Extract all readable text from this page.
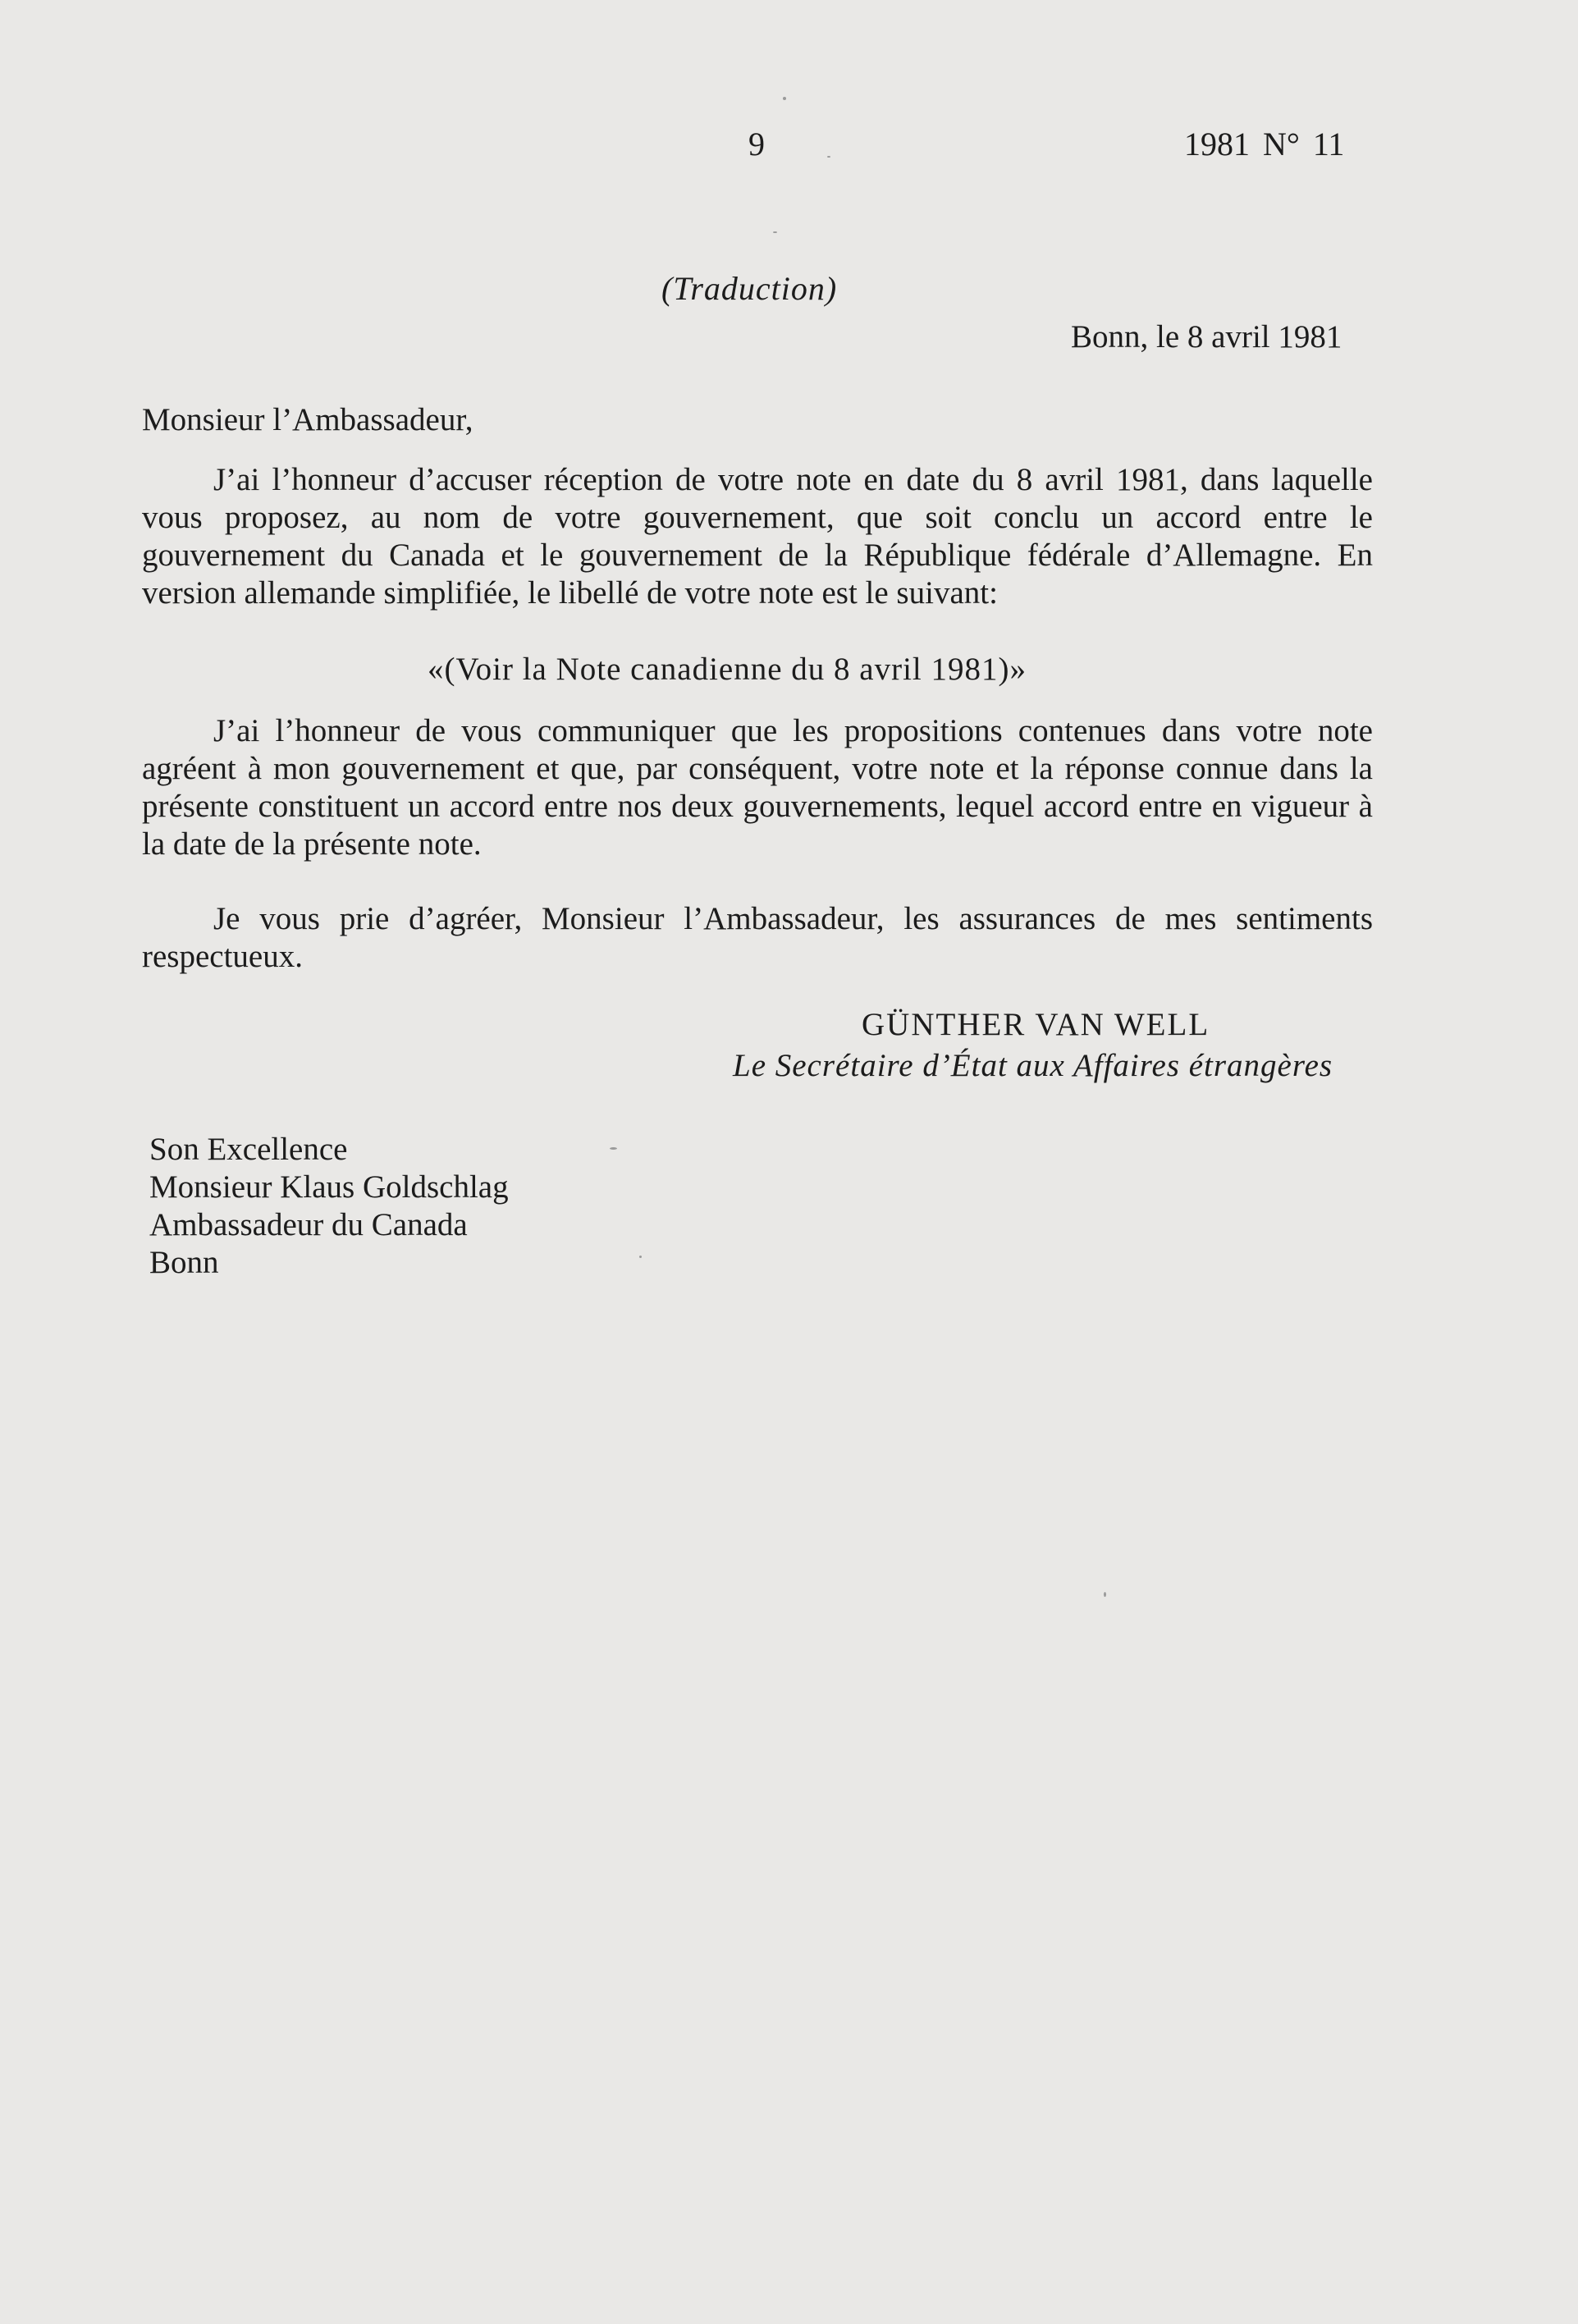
9	1981 N° 11
(Traduction)
Bonn, le 8 avril 1981
Monsieur l’Ambassadeur,
J’ai l’honneur d’accuser réception de votre note en date du 8 avril 1981, dans laquelle vous proposez, au nom de votre gouvernement, que soit conclu un accord entre le gouvernement du Canada et le gouvernement de la République fédérale d’Allemagne. En version allemande simplifiée, le libellé de votre note est le suivant:
«(Voir la Note canadienne du 8 avril 1981)»
J’ai l’honneur de vous communiquer que les propositions contenues dans votre note agréent à mon gouvernement et que, par conséquent, votre note et la réponse connue dans la présente constituent un accord entre nos deux gouvernements, lequel accord entre en vigueur à la date de la présente note.
Je vous prie d’agréer, Monsieur l’Ambassadeur, les assurances de mes sentiments respectueux.
GÜNTHER VAN WELL
Le Secrétaire d’État aux Affaires étrangères
Son Excellence
Monsieur Klaus Goldschlag
Ambassadeur du Canada
Bonn
